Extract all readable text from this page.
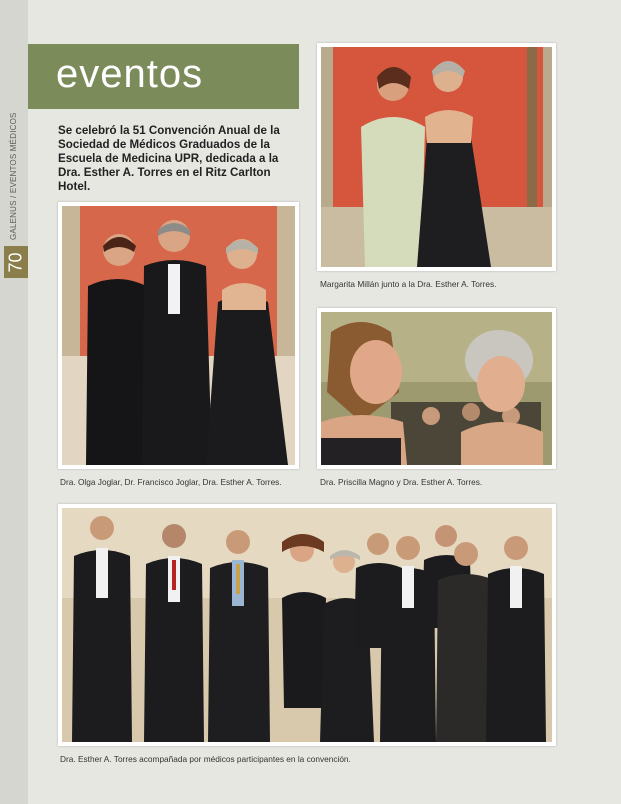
GALENUS / EVENTOS MÉDICOS
70
eventos
Se celebró la 51 Convención Anual de la Sociedad de Médicos Graduados de la Escuela de Medicina UPR, dedicada a la Dra. Esther A. Torres en el Ritz Carlton Hotel.
Margarita Millán junto a la Dra. Esther A. Torres.
Dra. Olga Joglar, Dr. Francisco Joglar, Dra. Esther A. Torres.	Dra. Priscilla Magno y Dra. Esther A. Torres.
Dra. Esther A. Torres acompañada por médicos participantes en la convención.
